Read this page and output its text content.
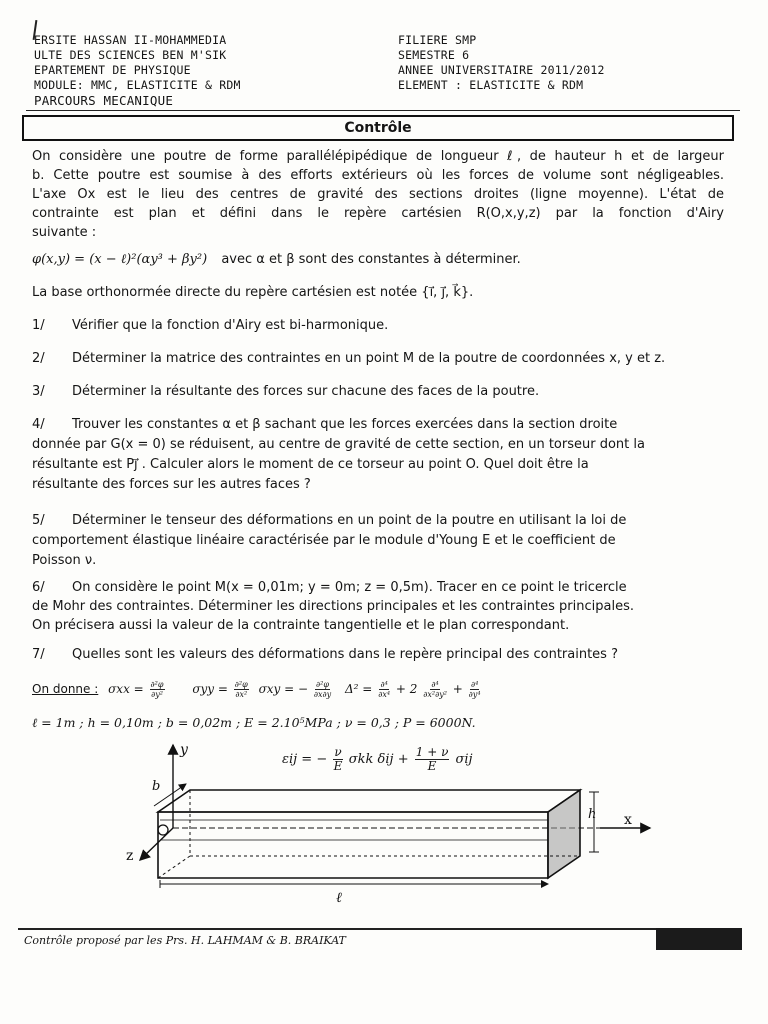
ERSITE HASSAN II-MOHAMMEDIA
ULTE DES SCIENCES BEN M'SIK
EPARTEMENT DE PHYSIQUE
MODULE: MMC, ELASTICITE & RDM
PARCOURS MECANIQUE
FILIERE SMP
SEMESTRE 6
ANNEE UNIVERSITAIRE 2011/2012
ELEMENT : ELASTICITE & RDM
Contrôle
On considère une poutre de forme parallélépipédique de longueur ℓ, de hauteur h et de largeur
b. Cette poutre est soumise à des efforts extérieurs où les forces de volume sont négligeables.
L'axe Ox est le lieu des centres de gravité des sections droites (ligne moyenne). L'état de
contrainte est plan et défini dans le repère cartésien R(O,x,y,z) par la fonction d'Airy
suivante :
φ(x,y) = (x − ℓ)²(αy³ + βy²) avec α et β sont des constantes à déterminer.
La base orthonormée directe du repère cartésien est notée {i⃗, j⃗, k⃗}.
1/ Vérifier que la fonction d'Airy est bi-harmonique.
2/ Déterminer la matrice des contraintes en un point M de la poutre de coordonnées x, y et z.
3/ Déterminer la résultante des forces sur chacune des faces de la poutre.
4/ Trouver les constantes α et β sachant que les forces exercées dans la section droite
donnée par G(x = 0) se réduisent, au centre de gravité de cette section, en un torseur dont la
résultante est Pj⃗ . Calculer alors le moment de ce torseur au point O. Quel doit être la
résultante des forces sur les autres faces ?
5/ Déterminer le tenseur des déformations en un point de la poutre en utilisant la loi de
comportement élastique linéaire caractérisée par le module d'Young E et le coefficient de
Poisson ν.
6/ On considère le point M(x = 0,01m; y = 0m; z = 0,5m). Tracer en ce point le tricercle
de Mohr des contraintes. Déterminer les directions principales et les contraintes principales.
On précisera aussi la valeur de la contrainte tangentielle et le plan correspondant.
7/ Quelles sont les valeurs des déformations dans le repère principal des contraintes ?
On donne : $\sigma xx = \frac{\text{∂²φ}}{\text{∂y²}}$ $\sigma yy = \frac{\text{∂²φ}}{\text{∂x²}}$ σxy = − $\frac{\text{∂²φ}}{\partial x\partial y} \Delta^2 = \frac{\text{∂⁴}}{\text{∂x⁴}} + 2 \frac{\text{∂⁴}}{\text{∂x²∂y²}} + \frac{\text{∂⁴}}{\text{∂y⁴}}$
ℓ = 1m ; h = 0,10m ; b = 0,02m ; E = 2.10⁵MPa ; ν = 0,3 ; P = 6000N.
εij = − $\frac{\nu}{E}$ σkk $\delta ij + \frac{1 + \nu}{E}$ σij
y
x
z
b
h
ℓ
Contrôle proposé par les Prs. H. LAHMAM & B. BRAIKAT
